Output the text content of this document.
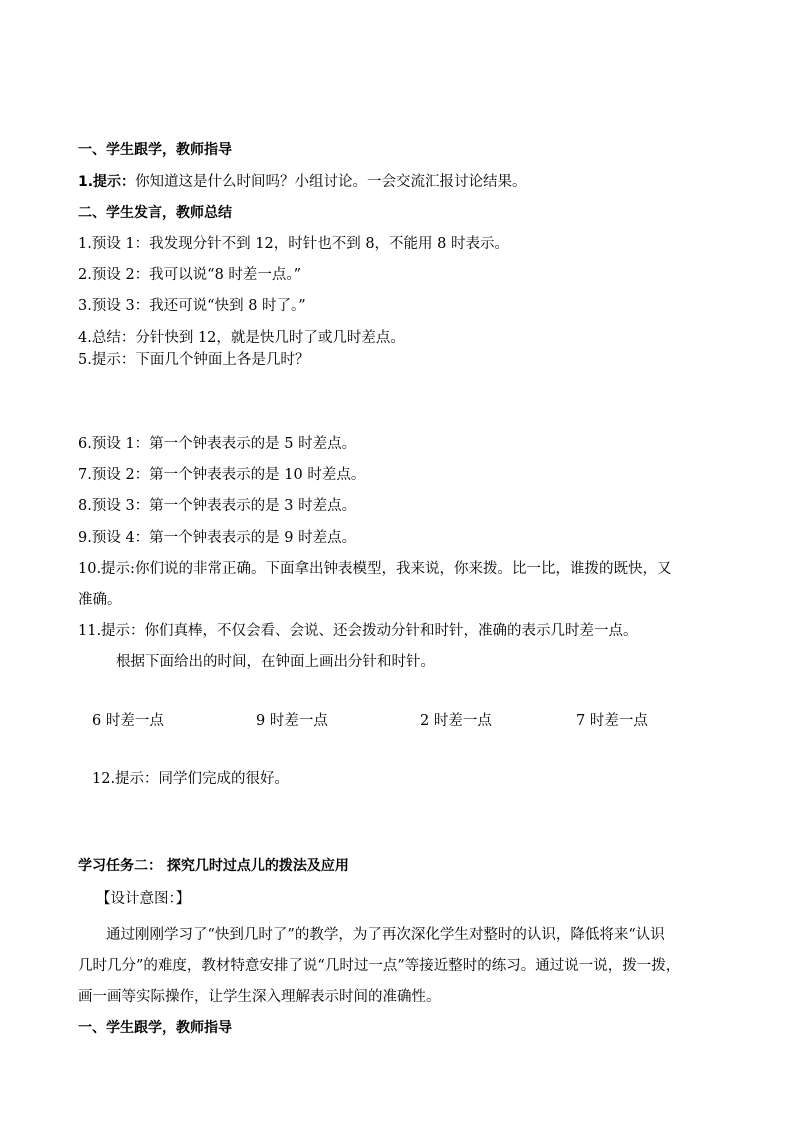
一、学生跟学，教师指导
1.提示：你知道这是什么时间吗？小组讨论。一会交流汇报讨论结果。
二、学生发言，教师总结
1.预设 1：我发现分针不到 12，时针也不到 8，不能用 8 时表示。
2.预设 2：我可以说“8 时差一点。”
3.预设 3：我还可说“快到 8 时了。”
4.总结：分针快到 12，就是快几时了或几时差点。
5.提示：下面几个钟面上各是几时？
6.预设 1：第一个钟表表示的是 5 时差点。
7.预设 2：第一个钟表表示的是 10 时差点。
8.预设 3：第一个钟表表示的是 3 时差点。
9.预设 4：第一个钟表表示的是 9 时差点。
10.提示:你们说的非常正确。下面拿出钟表模型，我来说，你来拨。比一比，谁拨的既快，又
准确。
11.提示：你们真棒，不仅会看、会说、还会拨动分针和时针，准确的表示几时差一点。
根据下面给出的时间，在钟面上画出分针和时针。
6 时差一点	9 时差一点	2 时差一点	7 时差一点
12.提示：同学们完成的很好。
学习任务二： 探究几时过点儿的拨法及应用
【设计意图：】
通过刚刚学习了“快到几时了”的教学，为了再次深化学生对整时的认识，降低将来“认识
几时几分”的难度，教材特意安排了说“几时过一点”等接近整时的练习。通过说一说，拨一拨，
画一画等实际操作，让学生深入理解表示时间的准确性。
一、学生跟学，教师指导
